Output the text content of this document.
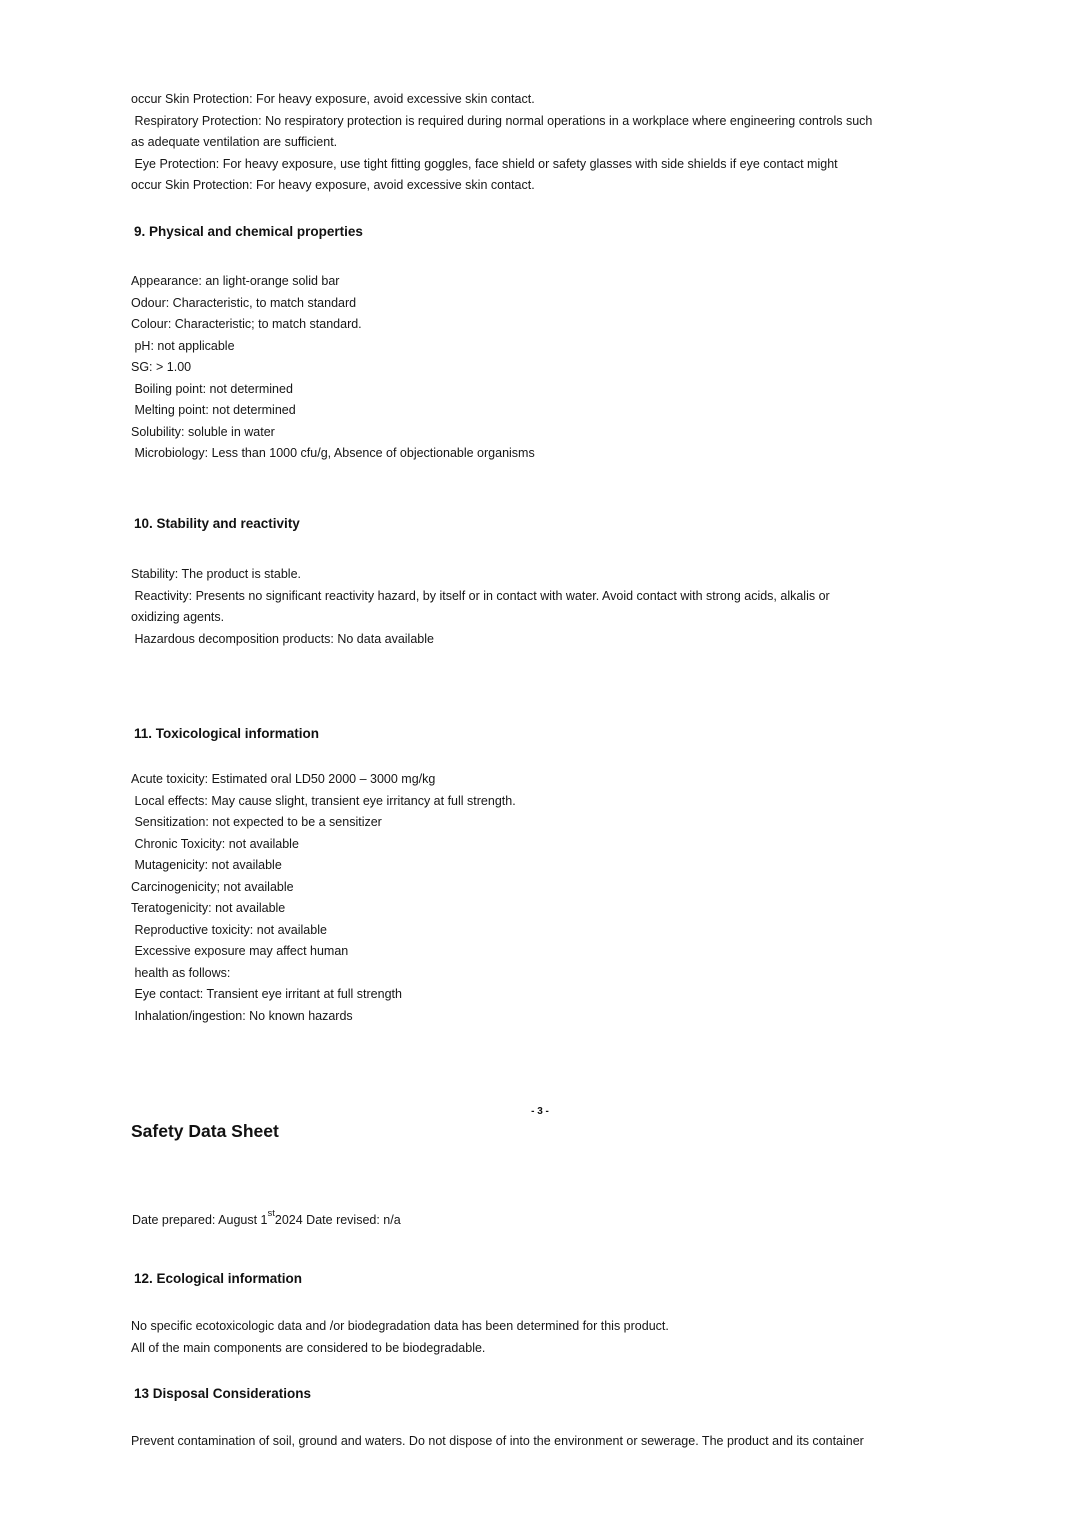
occur Skin Protection: For heavy exposure, avoid excessive skin contact.
Respiratory Protection: No respiratory protection is required during normal operations in a workplace where engineering controls such
as adequate ventilation are sufficient.
Eye Protection: For heavy exposure, use tight fitting goggles, face shield or safety glasses with side shields if eye contact might
occur Skin Protection: For heavy exposure, avoid excessive skin contact.
9. Physical and chemical properties
Appearance: an light-orange solid bar
Odour: Characteristic, to match standard
Colour: Characteristic; to match standard.
pH: not applicable
SG: > 1.00
Boiling point: not determined
Melting point: not determined
Solubility: soluble in water
Microbiology: Less than 1000 cfu/g, Absence of objectionable organisms
10. Stability and reactivity
Stability: The product is stable.
Reactivity: Presents no significant reactivity hazard, by itself or in contact with water. Avoid contact with strong acids, alkalis or
oxidizing agents.
Hazardous decomposition products: No data available
11. Toxicological information
Acute toxicity: Estimated oral LD50 2000 – 3000 mg/kg
Local effects: May cause slight, transient eye irritancy at full strength.
Sensitization: not expected to be a sensitizer
Chronic Toxicity: not available
Mutagenicity: not available
Carcinogenicity; not available
Teratogenicity: not available
Reproductive toxicity: not available
Excessive exposure may affect human
health as follows:
Eye contact: Transient eye irritant at full strength
Inhalation/ingestion: No known hazards
- 3 -
Safety Data Sheet
Date prepared: August 1st2024 Date revised: n/a
12. Ecological information
No specific ecotoxicologic data and /or biodegradation data has been determined for this product.
All of the main components are considered to be biodegradable.
13 Disposal Considerations
Prevent contamination of soil, ground and waters. Do not dispose of into the environment or sewerage. The product and its container
